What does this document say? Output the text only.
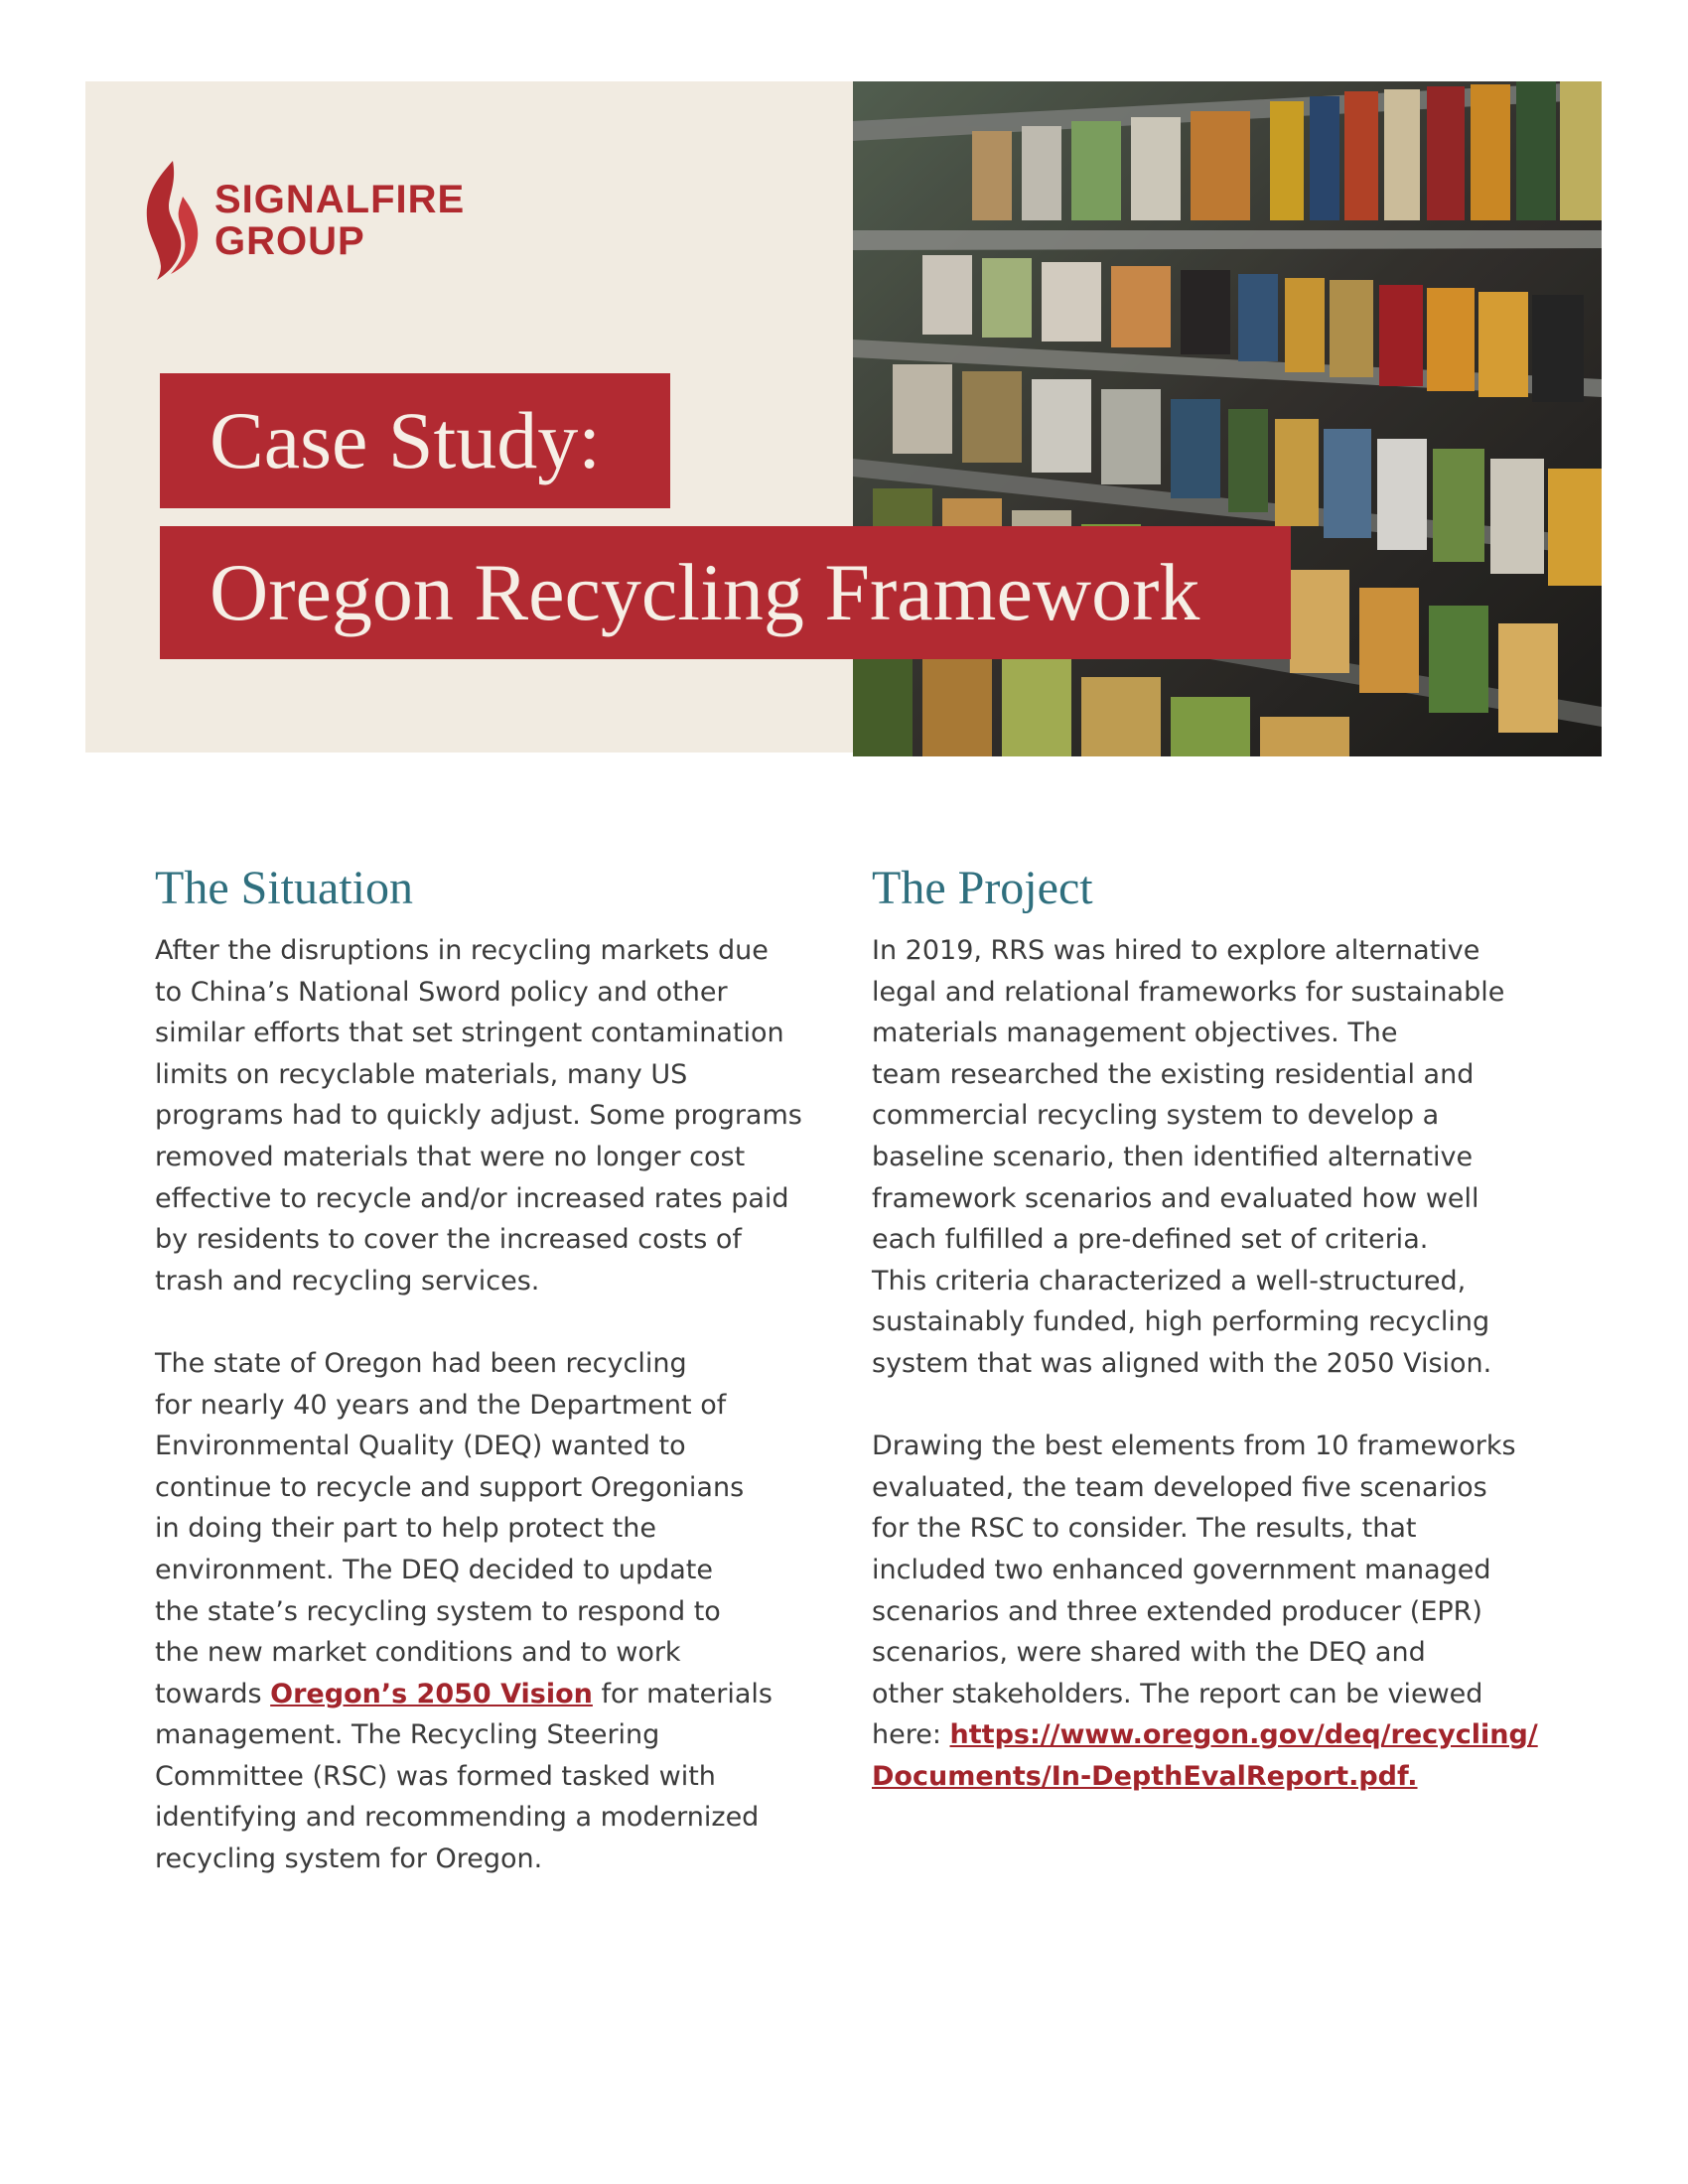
SIGNALFIRE
GROUP
Case Study:
Oregon Recycling Framework
The Situation
After the disruptions in recycling markets due
to China’s National Sword policy and other
similar efforts that set stringent contamination
limits on recyclable materials, many US
programs had to quickly adjust. Some programs
removed materials that were no longer cost
effective to recycle and/or increased rates paid
by residents to cover the increased costs of
trash and recycling services.
The state of Oregon had been recycling
for nearly 40 years and the Department of
Environmental Quality (DEQ) wanted to
continue to recycle and support Oregonians
in doing their part to help protect the
environment. The DEQ decided to update
the state’s recycling system to respond to
the new market conditions and to work
towards Oregon’s 2050 Vision for materials
management. The Recycling Steering
Committee (RSC) was formed tasked with
identifying and recommending a modernized
recycling system for Oregon.
The Project
In 2019, RRS was hired to explore alternative
legal and relational frameworks for sustainable
materials management objectives. The
team researched the existing residential and
commercial recycling system to develop a
baseline scenario, then identified alternative
framework scenarios and evaluated how well
each fulfilled a pre-defined set of criteria.
This criteria characterized a well-structured,
sustainably funded, high performing recycling
system that was aligned with the 2050 Vision.
Drawing the best elements from 10 frameworks
evaluated, the team developed five scenarios
for the RSC to consider. The results, that
included two enhanced government managed
scenarios and three extended producer (EPR)
scenarios, were shared with the DEQ and
other stakeholders. The report can be viewed
here: https://www.oregon.gov/deq/recycling/
Documents/In-DepthEvalReport.pdf.
